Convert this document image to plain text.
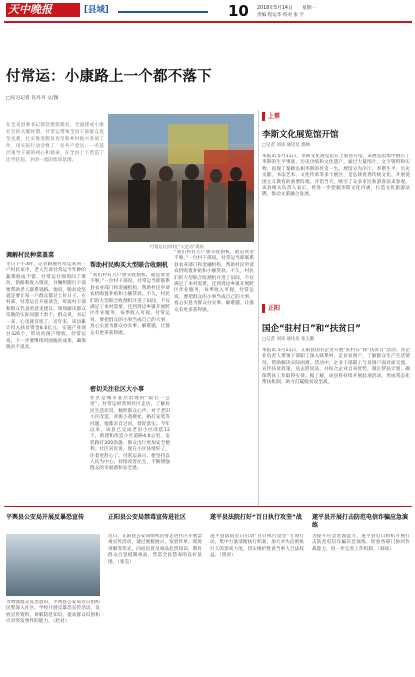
天中晚报	[县域]	10 2018年5月14日 星期一
责编 程运华 校对 张 宇
付常运：小康路上一个都不落下
□见习记者 肖丹丹 文/图
在全省县委书记抓党建促脱贫、全面建成小康社会的关键时期，付常运带领全县干部群众攻坚克难，扎实推进脱贫攻坚和乡村振兴各项工作，用实际行动诠释了一名共产党员、一名基层领导干部的初心和使命，在全县上下营造了比学赶超、争创一流的浓厚氛围。
付常运(右四)在“大走访”现场
调解村民种菜盖菜
冬日下午3时，记者跟随付常运来到一户村民家中，老人告诉付常运今年种的蔬菜收成不错。付常运仔细询问了菜价、销路和收入情况，并嘱咐随行干部要帮助老人联系销路。他说，脱贫攻坚就是要让每一户群众都过上好日子。在村部，付常运召开座谈会，听取村干部和群众代表的意见建议，现场解决群众反映的实际问题十余个。群众说，书记一来，心里就有底了。近年来，该县累计投入扶贫资金8.6亿元，实施产业项目326个，带动贫困户增收。付常运说，下一步要继续巩固脱贫成果，确保脱贫不返贫。
帮助村民购买大型联合收割机
“我们村有几户想买收割机，就是资金不够。”一位村干部说。付常运当即联系县农业部门和金融机构，帮助村民申请农机购置补贴和小额贷款。不久，村民们的大型联合收割机开进了田间，不仅满足了本村需要，还到周边乡镇开展跨区作业服务，每季收入可观。付常运说，要把群众的小事当成自己的大事，真心实意为群众办实事、解难题，让群众有更多获得感。
密切关注社区大小事
社区是城市基层治理的“最后一公里”。付常运经常到社区走访，了解居民生活状况，倾听群众心声。对于老旧小区改造、背街小巷硬化、路灯安装等问题，他都亲自过问、督促落实。今年以来，该县已完成老旧小区改造12个，新建和改造小区道路4.6公里，安装路灯300余盏，群众出行更加安全便利。社区居民说，现在小区环境好了，住着更舒心了。付常运表示，要坚持以人民为中心，持续改善民生，不断增强群众的幸福感和安全感。
“我们村有几户想买收割机，就是资金不够。”一位村干部说。付常运当即联系县农业部门和金融机构，帮助村民申请农机购置补贴和小额贷款。不久，村民们的大型联合收割机开进了田间，不仅满足了本村需要，还到周边乡镇开展跨区作业服务，每季收入可观。付常运说，要把群众的小事当成自己的大事，真心实意为群众办实事、解难题，让群众有更多获得感。
上蔡
李斯文化展览馆开馆
□记者 刘涛 通讯员 郭峰
本报讯 5月11日，李斯文化展览馆在上蔡县开馆。该展览馆集中展示了李斯的生平事迹、历史功绩和文化遗产，通过大量图片、文字资料和实物，再现了秦朝丞相李斯的传奇一生。展馆分为序厅、李斯生平、历史贡献、书法艺术、文化传承等多个展区，是弘扬优秀传统文化、开展爱国主义教育的重要阵地。开馆当天，吸引了众多市民和游客前来参观。该县相关负责人表示，将进一步挖掘李斯文化内涵，打造文化旅游品牌，推动文旅融合发展。
正阳
国企“驻村日”和“扶贫日”
□记者 刘涛 通讯员 张玉勤
本报讯 5月11日，正阳县国有企业开展“驻村日”和“扶贫日”活动。各企业负责人带领干部职工深入联系村，走访贫困户，了解群众生产生活情况，帮助解决实际困难。活动中，企业干部职工与贫困户面对面交流，宣传扶贫政策，送去慰问品，并结合企业自身优势，制定帮扶计划，确保帮扶工作取得实效。据了解，该县将持续开展此项活动，形成常态化帮扶机制，助力打赢脱贫攻坚战。
平舆县公安局开展反暴恐宣传
为增强群众反恐意识，平舆县公安局近日组织民警深入社区、学校开展反暴恐宣传活动，发放宣传资料，讲解防范知识，提高群众识别和应对突发事件的能力。（赵君）
正阳县公安局禁毒宣传进社区
近日，正阳县公安局组织民警走进社区开展禁毒宣传活动，通过展板展示、发放传单、现场讲解等形式，向居民普及毒品危害知识，教育群众自觉抵制毒品，营造全民禁毒的良好氛围。（张昊）
遂平县法院打好“百日执行攻坚”战
遂平县法院近日启动“百日执行攻坚”专项行动，集中力量清理执行积案，加大对失信被执行人的惩戒力度，切实维护胜诉当事人合法权益。（周涛）
遂平县开展打击防范电信诈骗应急演练
为提升应急处置能力，遂平县近日组织开展打击防范电信诈骗应急演练，检验各部门协同作战能力，进一步完善工作机制。（韩冰）
